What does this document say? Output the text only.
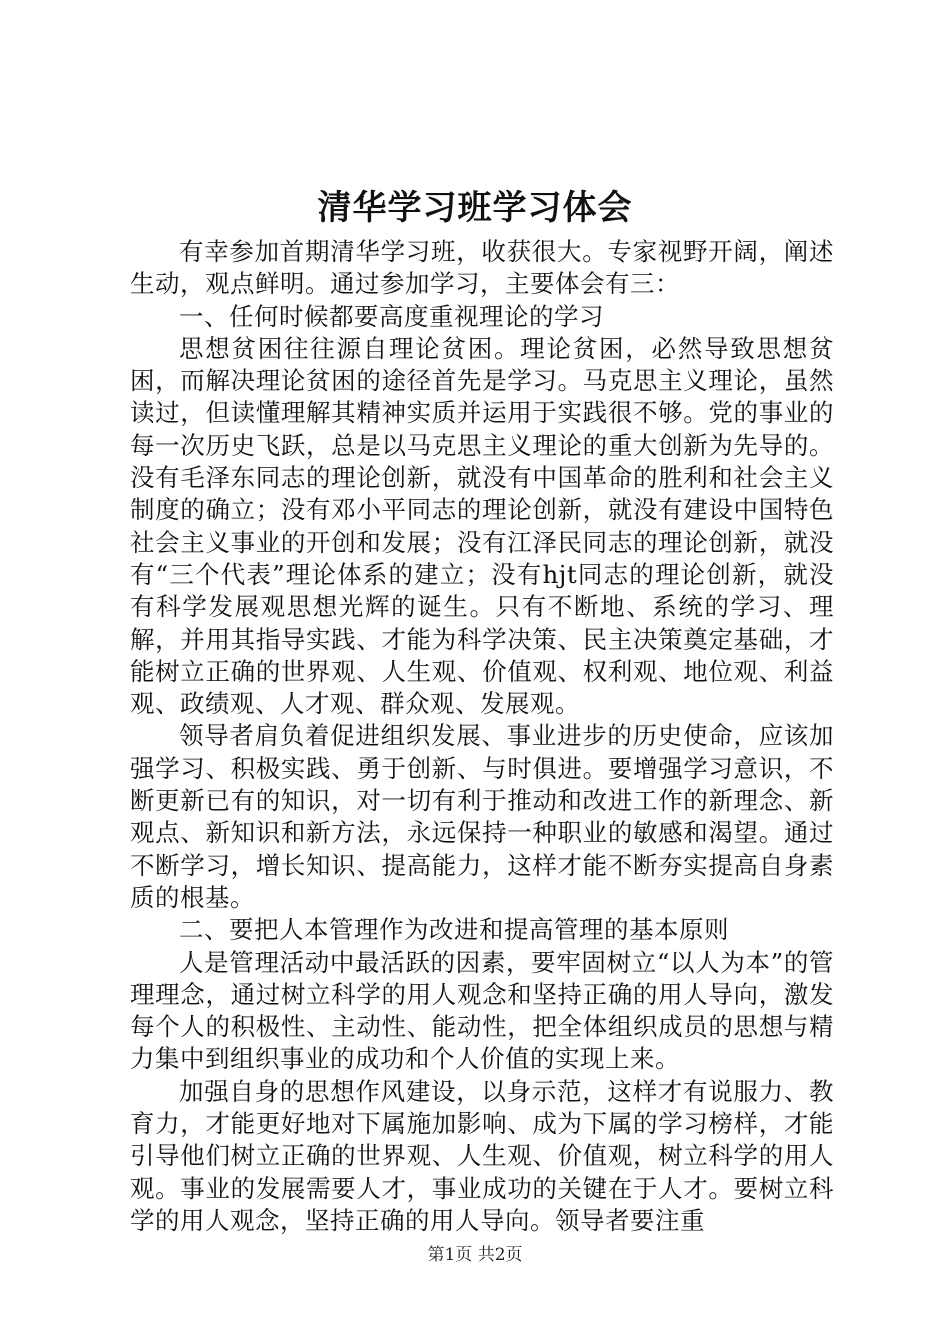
清华学习班学习体会

有幸参加首期清华学习班，收获很大。专家视野开阔，阐述生动，观点鲜明。通过参加学习，主要体会有三：

一、任何时候都要高度重视理论的学习

思想贫困往往源自理论贫困。理论贫困，必然导致思想贫困，而解决理论贫困的途径首先是学习。马克思主义理论，虽然读过，但读懂理解其精神实质并运用于实践很不够。党的事业的每一次历史飞跃，总是以马克思主义理论的重大创新为先导的。没有毛泽东同志的理论创新，就没有中国革命的胜利和社会主义制度的确立；没有邓小平同志的理论创新，就没有建设中国特色社会主义事业的开创和发展；没有江泽民同志的理论创新，就没有“三个代表”理论体系的建立；没有hjt同志的理论创新，就没有科学发展观思想光辉的诞生。只有不断地、系统的学习、理解，并用其指导实践、才能为科学决策、民主决策奠定基础，才能树立正确的世界观、人生观、价值观、权利观、地位观、利益观、政绩观、人才观、群众观、发展观。

领导者肩负着促进组织发展、事业进步的历史使命，应该加强学习、积极实践、勇于创新、与时俱进。要增强学习意识，不断更新已有的知识，对一切有利于推动和改进工作的新理念、新观点、新知识和新方法，永远保持一种职业的敏感和渴望。通过不断学习，增长知识、提高能力，这样才能不断夯实提高自身素质的根基。

二、要把人本管理作为改进和提高管理的基本原则

人是管理活动中最活跃的因素，要牢固树立“以人为本”的管理理念，通过树立科学的用人观念和坚持正确的用人导向，激发每个人的积极性、主动性、能动性，把全体组织成员的思想与精力集中到组织事业的成功和个人价值的实现上来。

加强自身的思想作风建设，以身示范，这样才有说服力、教育力，才能更好地对下属施加影响、成为下属的学习榜样，才能引导他们树立正确的世界观、人生观、价值观，树立科学的用人观。事业的发展需要人才，事业成功的关键在于人才。要树立科学的用人观念，坚持正确的用人导向。领导者要注重

第1页 共2页
